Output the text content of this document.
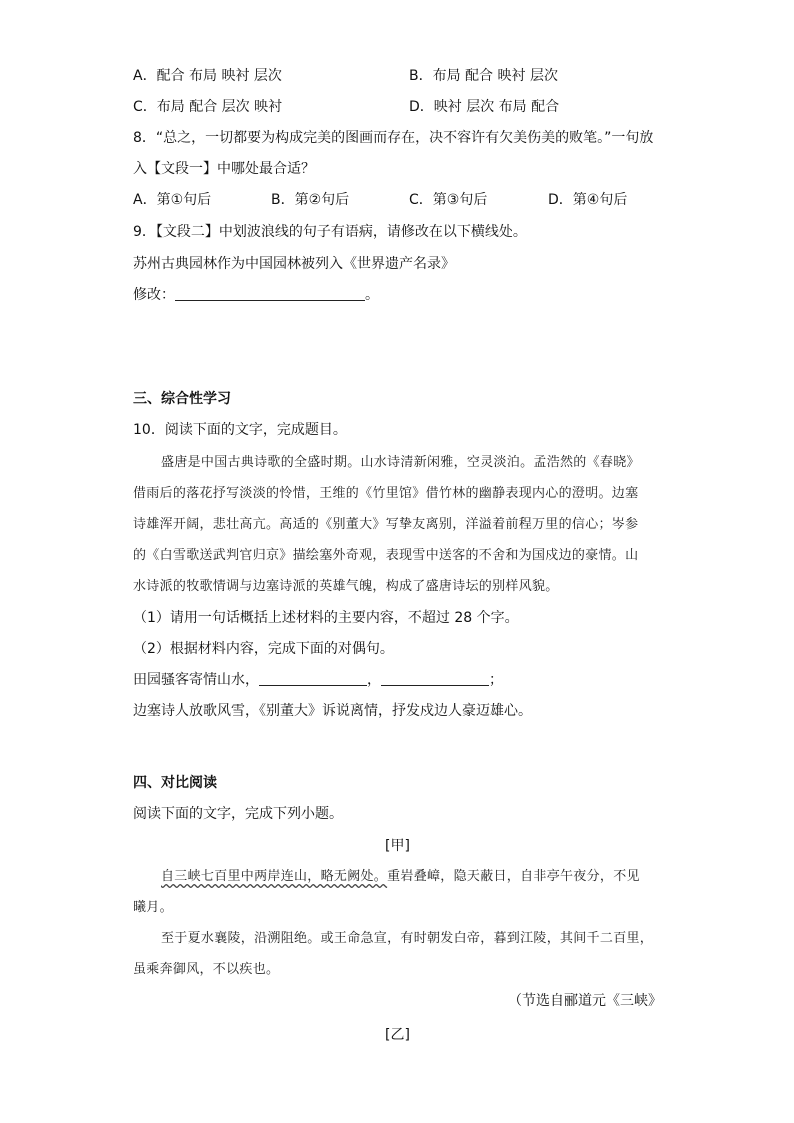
A．配合 布局 映衬 层次	B．布局 配合 映衬 层次
C．布局 配合 层次 映衬	D．映衬 层次 布局 配合
8．“总之，一切都要为构成完美的图画而存在，决不容许有欠美伤美的败笔。”一句放
入【文段一】中哪处最合适？
A．第①句后	B．第②句后	C．第③句后	D．第④句后
9．【文段二】中划波浪线的句子有语病，请修改在以下横线处。
苏州古典园林作为中国园林被列入《世界遗产名录》
修改：	。
三、综合性学习
10．阅读下面的文字，完成题目。
盛唐是中国古典诗歌的全盛时期。山水诗清新闲雅，空灵淡泊。孟浩然的《春晓》
借雨后的落花抒写淡淡的怜惜，王维的《竹里馆》借竹林的幽静表现内心的澄明。边塞
诗雄浑开阔，悲壮高亢。高适的《别董大》写挚友离别，洋溢着前程万里的信心；岑参
的《白雪歌送武判官归京》描绘塞外奇观，表现雪中送客的不舍和为国戍边的豪情。山
水诗派的牧歌情调与边塞诗派的英雄气魄，构成了盛唐诗坛的别样风貌。
（1）请用一句话概括上述材料的主要内容，不超过 28 个字。
（2）根据材料内容，完成下面的对偶句。
田园骚客寄情山水，	，	；
边塞诗人放歌风雪，《别董大》诉说离情，抒发戍边人豪迈雄心。
四、对比阅读
阅读下面的文字，完成下列小题。
[甲]
自三峡七百里中两岸连山，略无阙处。重岩叠嶂，隐天蔽日，自非亭午夜分，不见
曦月。
至于夏水襄陵，沿溯阻绝。或王命急宣，有时朝发白帝，暮到江陵，其间千二百里，
虽乘奔御风，不以疾也。
（节选自郦道元《三峡》
[乙]
